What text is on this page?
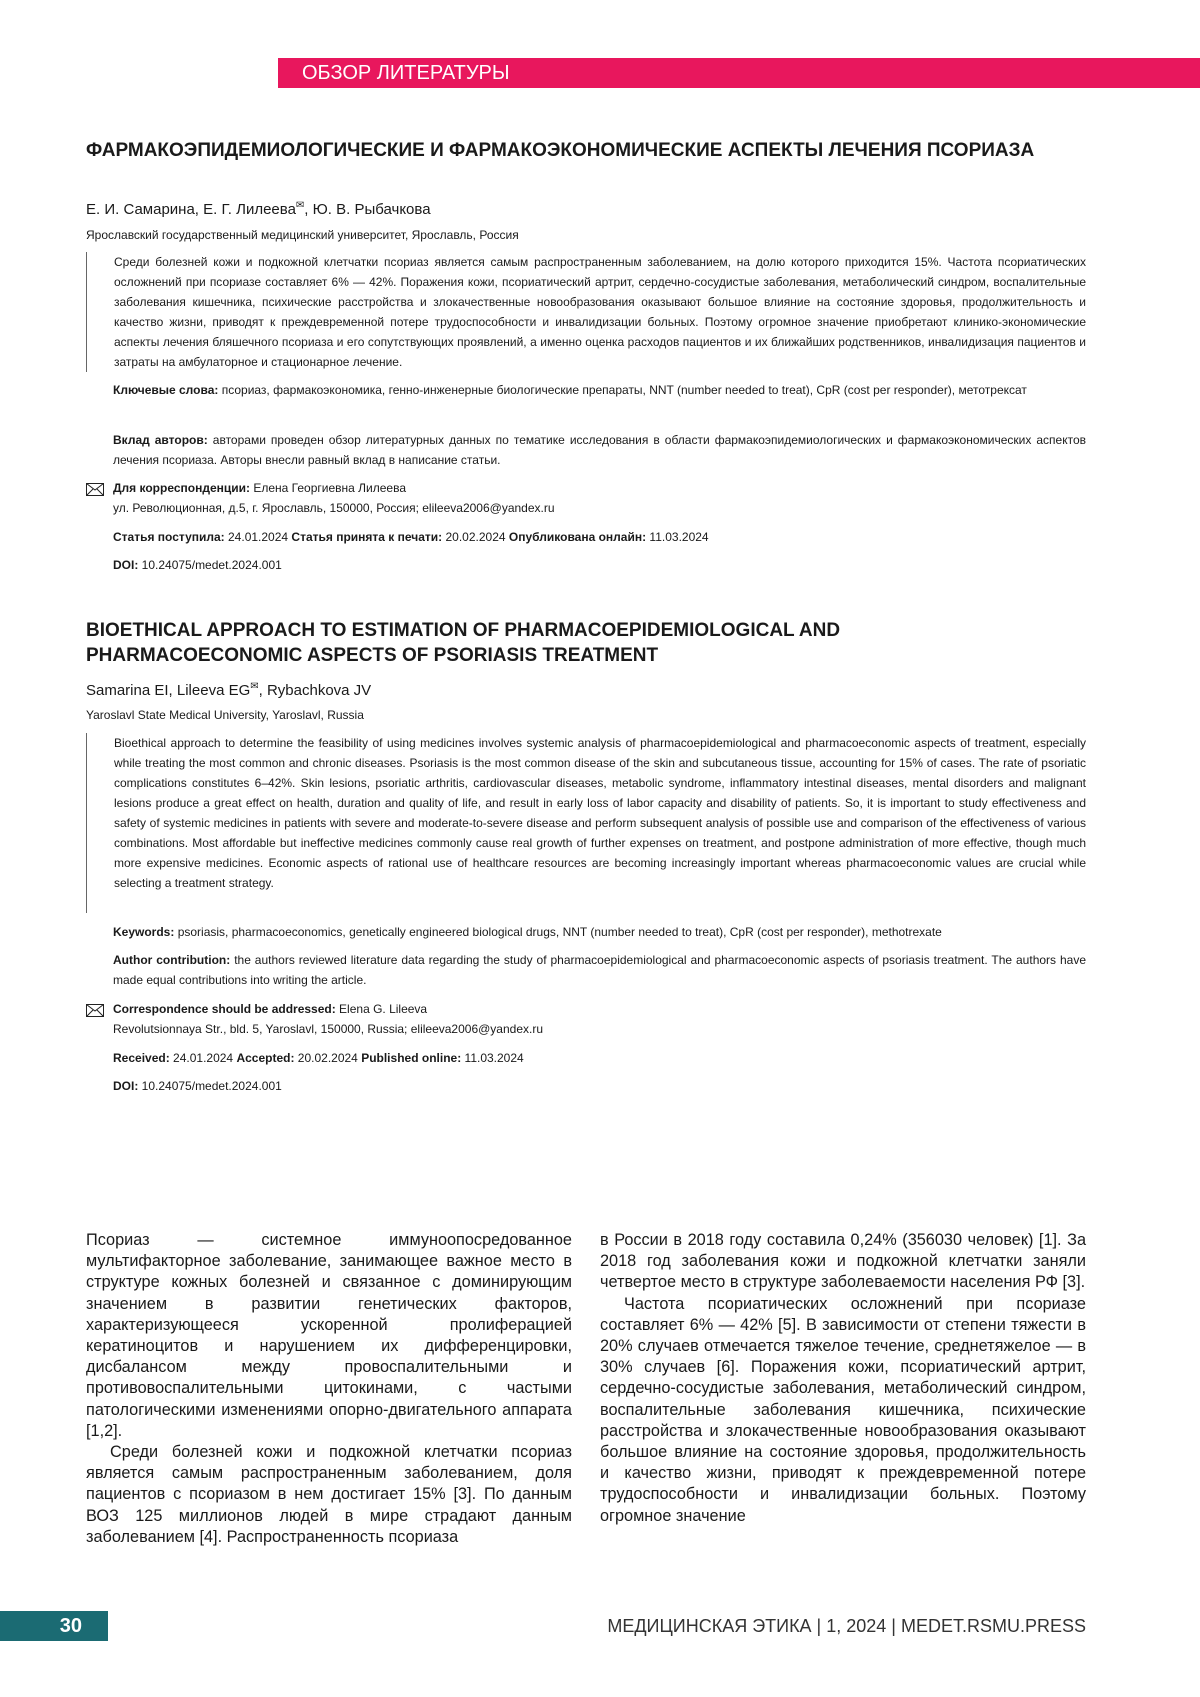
ОБЗОР ЛИТЕРАТУРЫ
ФАРМАКОЭПИДЕМИОЛОГИЧЕСКИЕ И ФАРМАКОЭКОНОМИЧЕСКИЕ АСПЕКТЫ ЛЕЧЕНИЯ ПСОРИАЗА
Е. И. Самарина, Е. Г. Лилеева✉, Ю. В. Рыбачкова
Ярославский государственный медицинский университет, Ярославль, Россия
Среди болезней кожи и подкожной клетчатки псориаз является самым распространенным заболеванием, на долю которого приходится 15%. Частота псориатических осложнений при псориазе составляет 6% — 42%. Поражения кожи, псориатический артрит, сердечно-сосудистые заболевания, метаболический синдром, воспалительные заболевания кишечника, психические расстройства и злокачественные новообразования оказывают большое влияние на состояние здоровья, продолжительность и качество жизни, приводят к преждевременной потере трудоспособности и инвалидизации больных. Поэтому огромное значение приобретают клинико-экономические аспекты лечения бляшечного псориаза и его сопутствующих проявлений, а именно оценка расходов пациентов и их ближайших родственников, инвалидизация пациентов и затраты на амбулаторное и стационарное лечение.
Ключевые слова: псориаз, фармакоэкономика, генно-инженерные биологические препараты, NNT (number needed to treat), CpR (cost per responder), метотрексат
Вклад авторов: авторами проведен обзор литературных данных по тематике исследования в области фармакоэпидемиологических и фармакоэкономических аспектов лечения псориаза. Авторы внесли равный вклад в написание статьи.
Для корреспонденции: Елена Георгиевна Лилеева
ул. Революционная, д.5, г. Ярославль, 150000, Россия; elileeva2006@yandex.ru
Статья поступила: 24.01.2024 Статья принята к печати: 20.02.2024 Опубликована онлайн: 11.03.2024
DOI: 10.24075/medet.2024.001
BIOETHICAL APPROACH TO ESTIMATION OF PHARMACOEPIDEMIOLOGICAL AND PHARMACOECONOMIC ASPECTS OF PSORIASIS TREATMENT
Samarina EI, Lileeva EG✉, Rybachkova JV
Yaroslavl State Medical University, Yaroslavl, Russia
Bioethical approach to determine the feasibility of using medicines involves systemic analysis of pharmacoepidemiological and pharmacoeconomic aspects of treatment, especially while treating the most common and chronic diseases. Psoriasis is the most common disease of the skin and subcutaneous tissue, accounting for 15% of cases. The rate of psoriatic complications constitutes 6–42%. Skin lesions, psoriatic arthritis, cardiovascular diseases, metabolic syndrome, inflammatory intestinal diseases, mental disorders and malignant lesions produce a great effect on health, duration and quality of life, and result in early loss of labor capacity and disability of patients. So, it is important to study effectiveness and safety of systemic medicines in patients with severe and moderate-to-severe disease and perform subsequent analysis of possible use and comparison of the effectiveness of various combinations. Most affordable but ineffective medicines commonly cause real growth of further expenses on treatment, and postpone administration of more effective, though much more expensive medicines. Economic aspects of rational use of healthcare resources are becoming increasingly important whereas pharmacoeconomic values are crucial while selecting a treatment strategy.
Keywords: psoriasis, pharmacoeconomics, genetically engineered biological drugs, NNT (number needed to treat), CpR (cost per responder), methotrexate
Author contribution: the authors reviewed literature data regarding the study of pharmacoepidemiological and pharmacoeconomic aspects of psoriasis treatment. The authors have made equal contributions into writing the article.
Correspondence should be addressed: Elena G. Lileeva
Revolutsionnaya Str., bld. 5, Yaroslavl, 150000, Russia; elileeva2006@yandex.ru
Received: 24.01.2024 Accepted: 20.02.2024 Published online: 11.03.2024
DOI: 10.24075/medet.2024.001

Псориаз — системное иммуноопосредованное мультифакторное заболевание, занимающее важное место в структуре кожных болезней и связанное с доминирующим значением в развитии генетических факторов, характеризующееся ускоренной пролиферацией кератиноцитов и нарушением их дифференцировки, дисбалансом между провоспалительными и противовоспалительными цитокинами, с частыми патологическими изменениями опорно-двигательного аппарата [1,2].

Среди болезней кожи и подкожной клетчатки псориаз является самым распространенным заболеванием, доля пациентов с псориазом в нем достигает 15% [3]. По данным ВОЗ 125 миллионов людей в мире страдают данным заболеванием [4]. Распространенность псориаза

в России в 2018 году составила 0,24% (356030 человек) [1]. За 2018 год заболевания кожи и подкожной клетчатки заняли четвертое место в структуре заболеваемости населения РФ [3].

Частота псориатических осложнений при псориазе составляет 6% — 42% [5]. В зависимости от степени тяжести в 20% случаев отмечается тяжелое течение, среднетяжелое — в 30% случаев [6]. Поражения кожи, псориатический артрит, сердечно-сосудистые заболевания, метаболический синдром, воспалительные заболевания кишечника, психические расстройства и злокачественные новообразования оказывают большое влияние на состояние здоровья, продолжительность и качество жизни, приводят к преждевременной потере трудоспособности и инвалидизации больных. Поэтому огромное значение

30	МЕДИЦИНСКАЯ ЭТИКА | 1, 2024 | MEDET.RSMU.PRESS
